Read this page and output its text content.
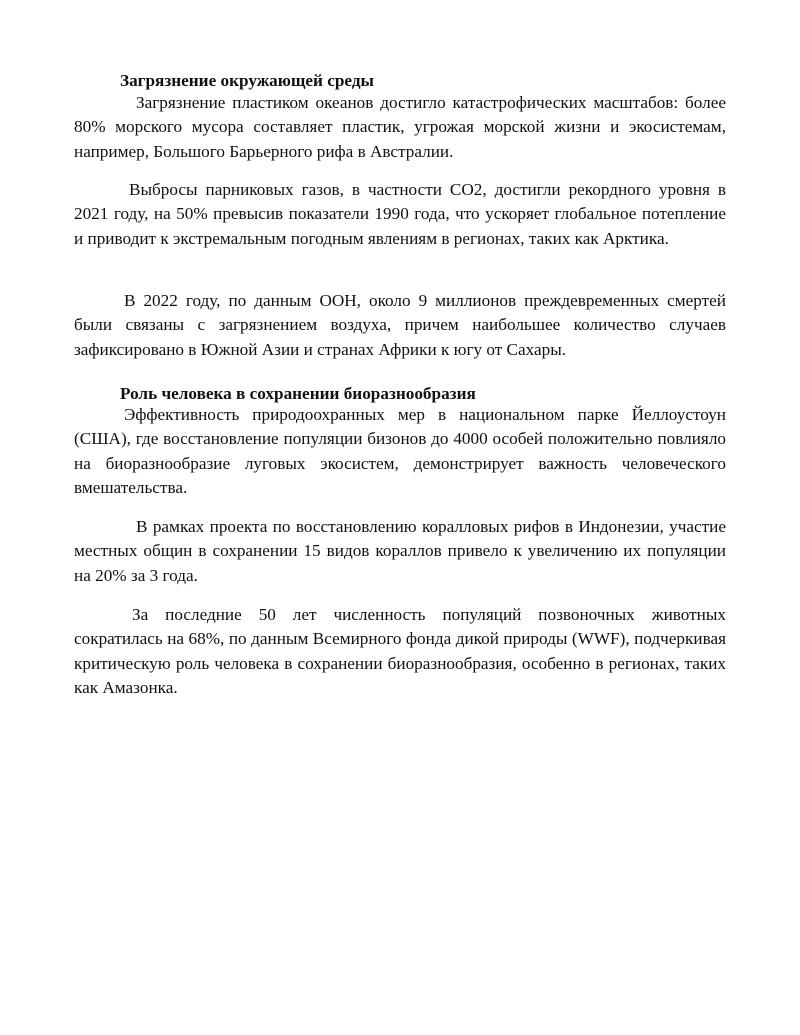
Загрязнение окружающей среды

Загрязнение пластиком океанов достигло катастрофических масштабов: более 80% морского мусора составляет пластик, угрожая морской жизни и экосистемам, например, Большого Барьерного рифа в Австралии.

Выбросы парниковых газов, в частности CO2, достигли рекордного уровня в 2021 году, на 50% превысив показатели 1990 года, что ускоряет глобальное потепление и приводит к экстремальным погодным явлениям в регионах, таких как Арктика.

В 2022 году, по данным ООН, около 9 миллионов преждевременных смертей были связаны с загрязнением воздуха, причем наибольшее количество случаев зафиксировано в Южной Азии и странах Африки к югу от Сахары.

Роль человека в сохранении биоразнообразия

Эффективность природоохранных мер в национальном парке Йеллоустоун (США), где восстановление популяции бизонов до 4000 особей положительно повлияло на биоразнообразие луговых экосистем, демонстрирует важность человеческого вмешательства.

В рамках проекта по восстановлению коралловых рифов в Индонезии, участие местных общин в сохранении 15 видов кораллов привело к увеличению их популяции на 20% за 3 года.

За последние 50 лет численность популяций позвоночных животных сократилась на 68%, по данным Всемирного фонда дикой природы (WWF), подчеркивая критическую роль человека в сохранении биоразнообразия, особенно в регионах, таких как Амазонка.
